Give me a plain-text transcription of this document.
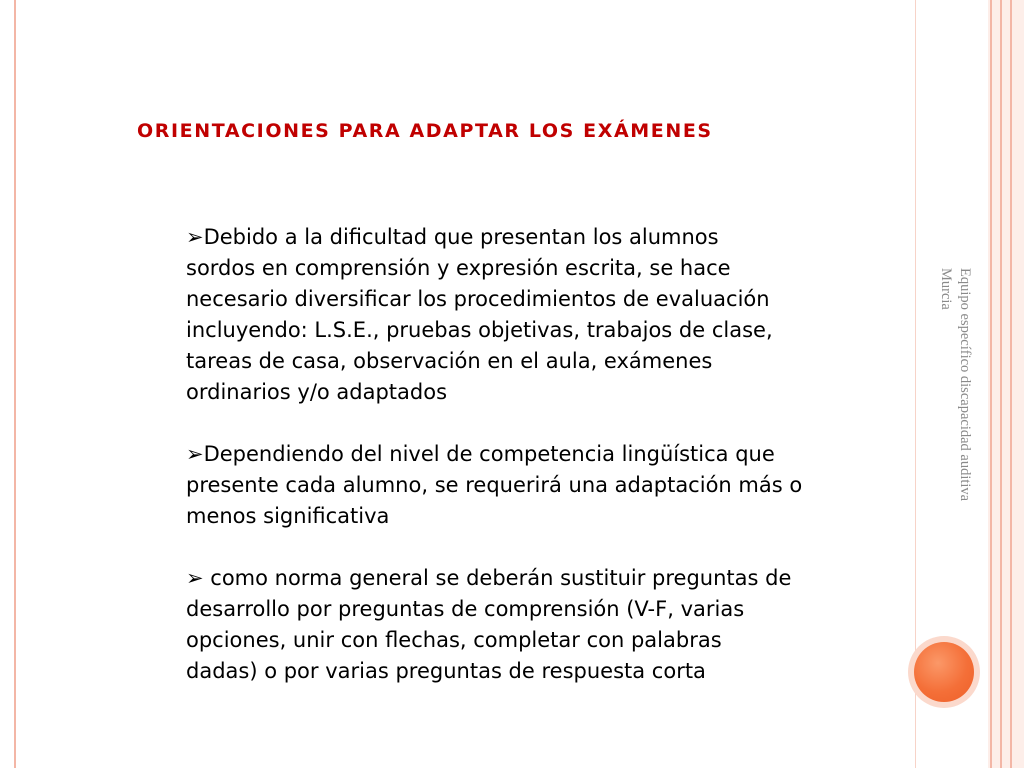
ORIENTACIONES PARA ADAPTAR LOS EXÁMENES
➢Debido a la dificultad que presentan los alumnos
sordos en comprensión y expresión escrita, se hace
necesario diversificar los procedimientos de evaluación
incluyendo: L.S.E., pruebas objetivas, trabajos de clase,
tareas de casa, observación en el aula, exámenes
ordinarios y/o adaptados
➢Dependiendo del nivel de competencia lingüística que
presente cada alumno, se requerirá una adaptación más o
menos significativa
➢ como norma general se deberán sustituir preguntas de
desarrollo por preguntas de comprensión (V-F, varias
opciones, unir con flechas, completar con palabras
dadas) o por varias preguntas de respuesta corta
Equipo específico discapacidad auditiva
Murcia
